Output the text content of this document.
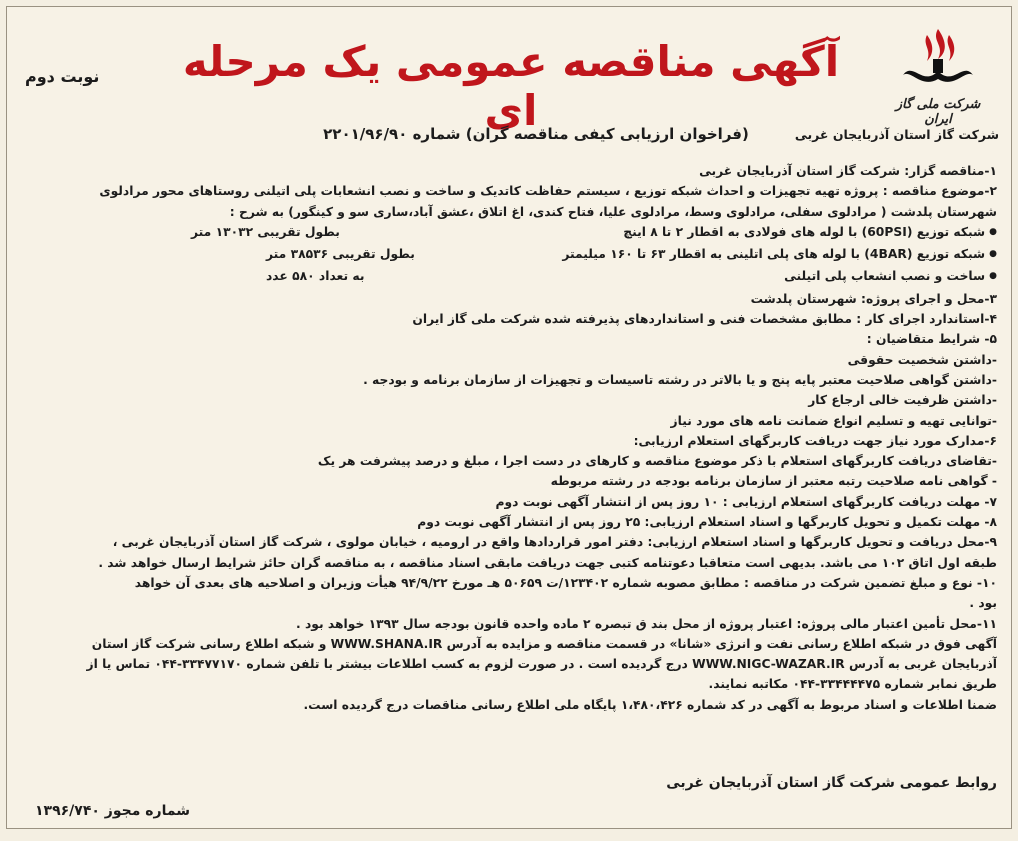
شرکت ملی گاز ایران
شرکت گاز استان آذربایجان غربی
نوبت دوم آگهی مناقصه عمومی یک مرحله ای
(فراخوان ارزیابی کیفی مناقصه گران) شماره ۲۲۰۱/۹۶/۹۰
۱-مناقصه گزار: شرکت گاز استان آذربایجان غربی
۲-موضوع مناقصه : پروژه تهیه تجهیزات و احداث شبکه توزیع ، سیستم حفاظت کاتدیک و ساخت و نصب انشعابات پلی اتیلنی روستاهای محور مرادلوی
شهرستان پلدشت ( مرادلوی سفلی، مرادلوی وسط، مرادلوی علیا، فتاح کندی، اغ اتلاق ،عشق آباد،ساری سو و کینگور) به شرح :
● شبکه توزیع (60PSI) با لوله های فولادی به اقطار ۲ تا ۸ اینچ
بطول تقریبی ۱۳۰۳۲ متر
● شبکه توزیع (4BAR) با لوله های پلی اتلینی به اقطار ۶۳ تا ۱۶۰ میلیمتر
بطول تقریبی ۳۸۵۳۶ متر
● ساخت و نصب انشعاب پلی اتیلنی
به تعداد ۵۸۰ عدد
۳-محل و اجرای پروژه: شهرستان پلدشت
۴-استاندارد اجرای کار : مطابق مشخصات فنی و استانداردهای پذیرفته شده شرکت ملی گاز ایران
۵- شرایط متقاضیان :
-داشتن شخصیت حقوقی
-داشتن گواهی صلاحیت معتبر پایه پنج و یا بالاتر در رشته تاسیسات و تجهیزات از سازمان برنامه و بودجه .
-داشتن ظرفیت خالی ارجاع کار
-توانایی تهیه و تسلیم انواع ضمانت نامه های مورد نیاز
۶-مدارک مورد نیاز جهت دریافت کاربرگهای استعلام ارزیابی:
-تقاضای دریافت کاربرگهای استعلام با ذکر موضوع مناقصه و کارهای در دست اجرا ، مبلغ و درصد پیشرفت هر یک
- گواهی نامه صلاحیت رتبه معتبر از سازمان برنامه بودجه در رشته مربوطه
۷- مهلت دریافت کاربرگهای استعلام ارزیابی : ۱۰ روز پس از انتشار آگهی نوبت دوم
۸- مهلت تکمیل و تحویل کاربرگها و اسناد استعلام ارزیابی: ۲۵ روز پس از انتشار آگهی نوبت دوم
۹-محل دریافت و تحویل کاربرگها و اسناد استعلام ارزیابی: دفتر امور قراردادها واقع در ارومیه ، خیابان مولوی ، شرکت گاز استان آذربایجان غربی ،
طبقه اول اتاق ۱۰۲ می باشد. بدیهی است متعاقبا دعوتنامه کتبی جهت دریافت مابقی اسناد مناقصه ، به مناقصه گران حائز شرایط ارسال خواهد شد .
۱۰- نوع و مبلغ تضمین شرکت در مناقصه : مطابق مصوبه شماره ۱۲۳۴۰۲/ت ۵۰۶۵۹ هـ مورخ ۹۴/۹/۲۲ هیأت وزیران و اصلاحیه های بعدی آن خواهد
بود .
۱۱-محل تأمین اعتبار مالی پروژه: اعتبار پروژه از محل بند ق تبصره ۲ ماده واحده قانون بودجه سال ۱۳۹۳ خواهد بود .
آگهی فوق در شبکه اطلاع رسانی نفت و انرژی «شانا» در قسمت مناقصه و مزایده به آدرس WWW.SHANA.IR و شبکه اطلاع رسانی شرکت گاز استان
آذربایجان غربی به آدرس WWW.NIGC-WAZAR.IR درج گردیده است . در صورت لزوم به کسب اطلاعات بیشتر با تلفن شماره ۳۳۴۷۷۱۷۰-۰۴۴ تماس یا از
طریق نمابر شماره ۳۳۴۴۴۴۷۵-۰۴۴ مکاتبه نمایند.
ضمنا اطلاعات و اسناد مربوط به آگهی در کد شماره ۱،۴۸۰،۴۲۶ پایگاه ملی اطلاع رسانی مناقصات درج گردیده است.
روابط عمومی شرکت گاز استان آذربایجان غربی
شماره مجوز ۱۳۹۶/۷۴۰
